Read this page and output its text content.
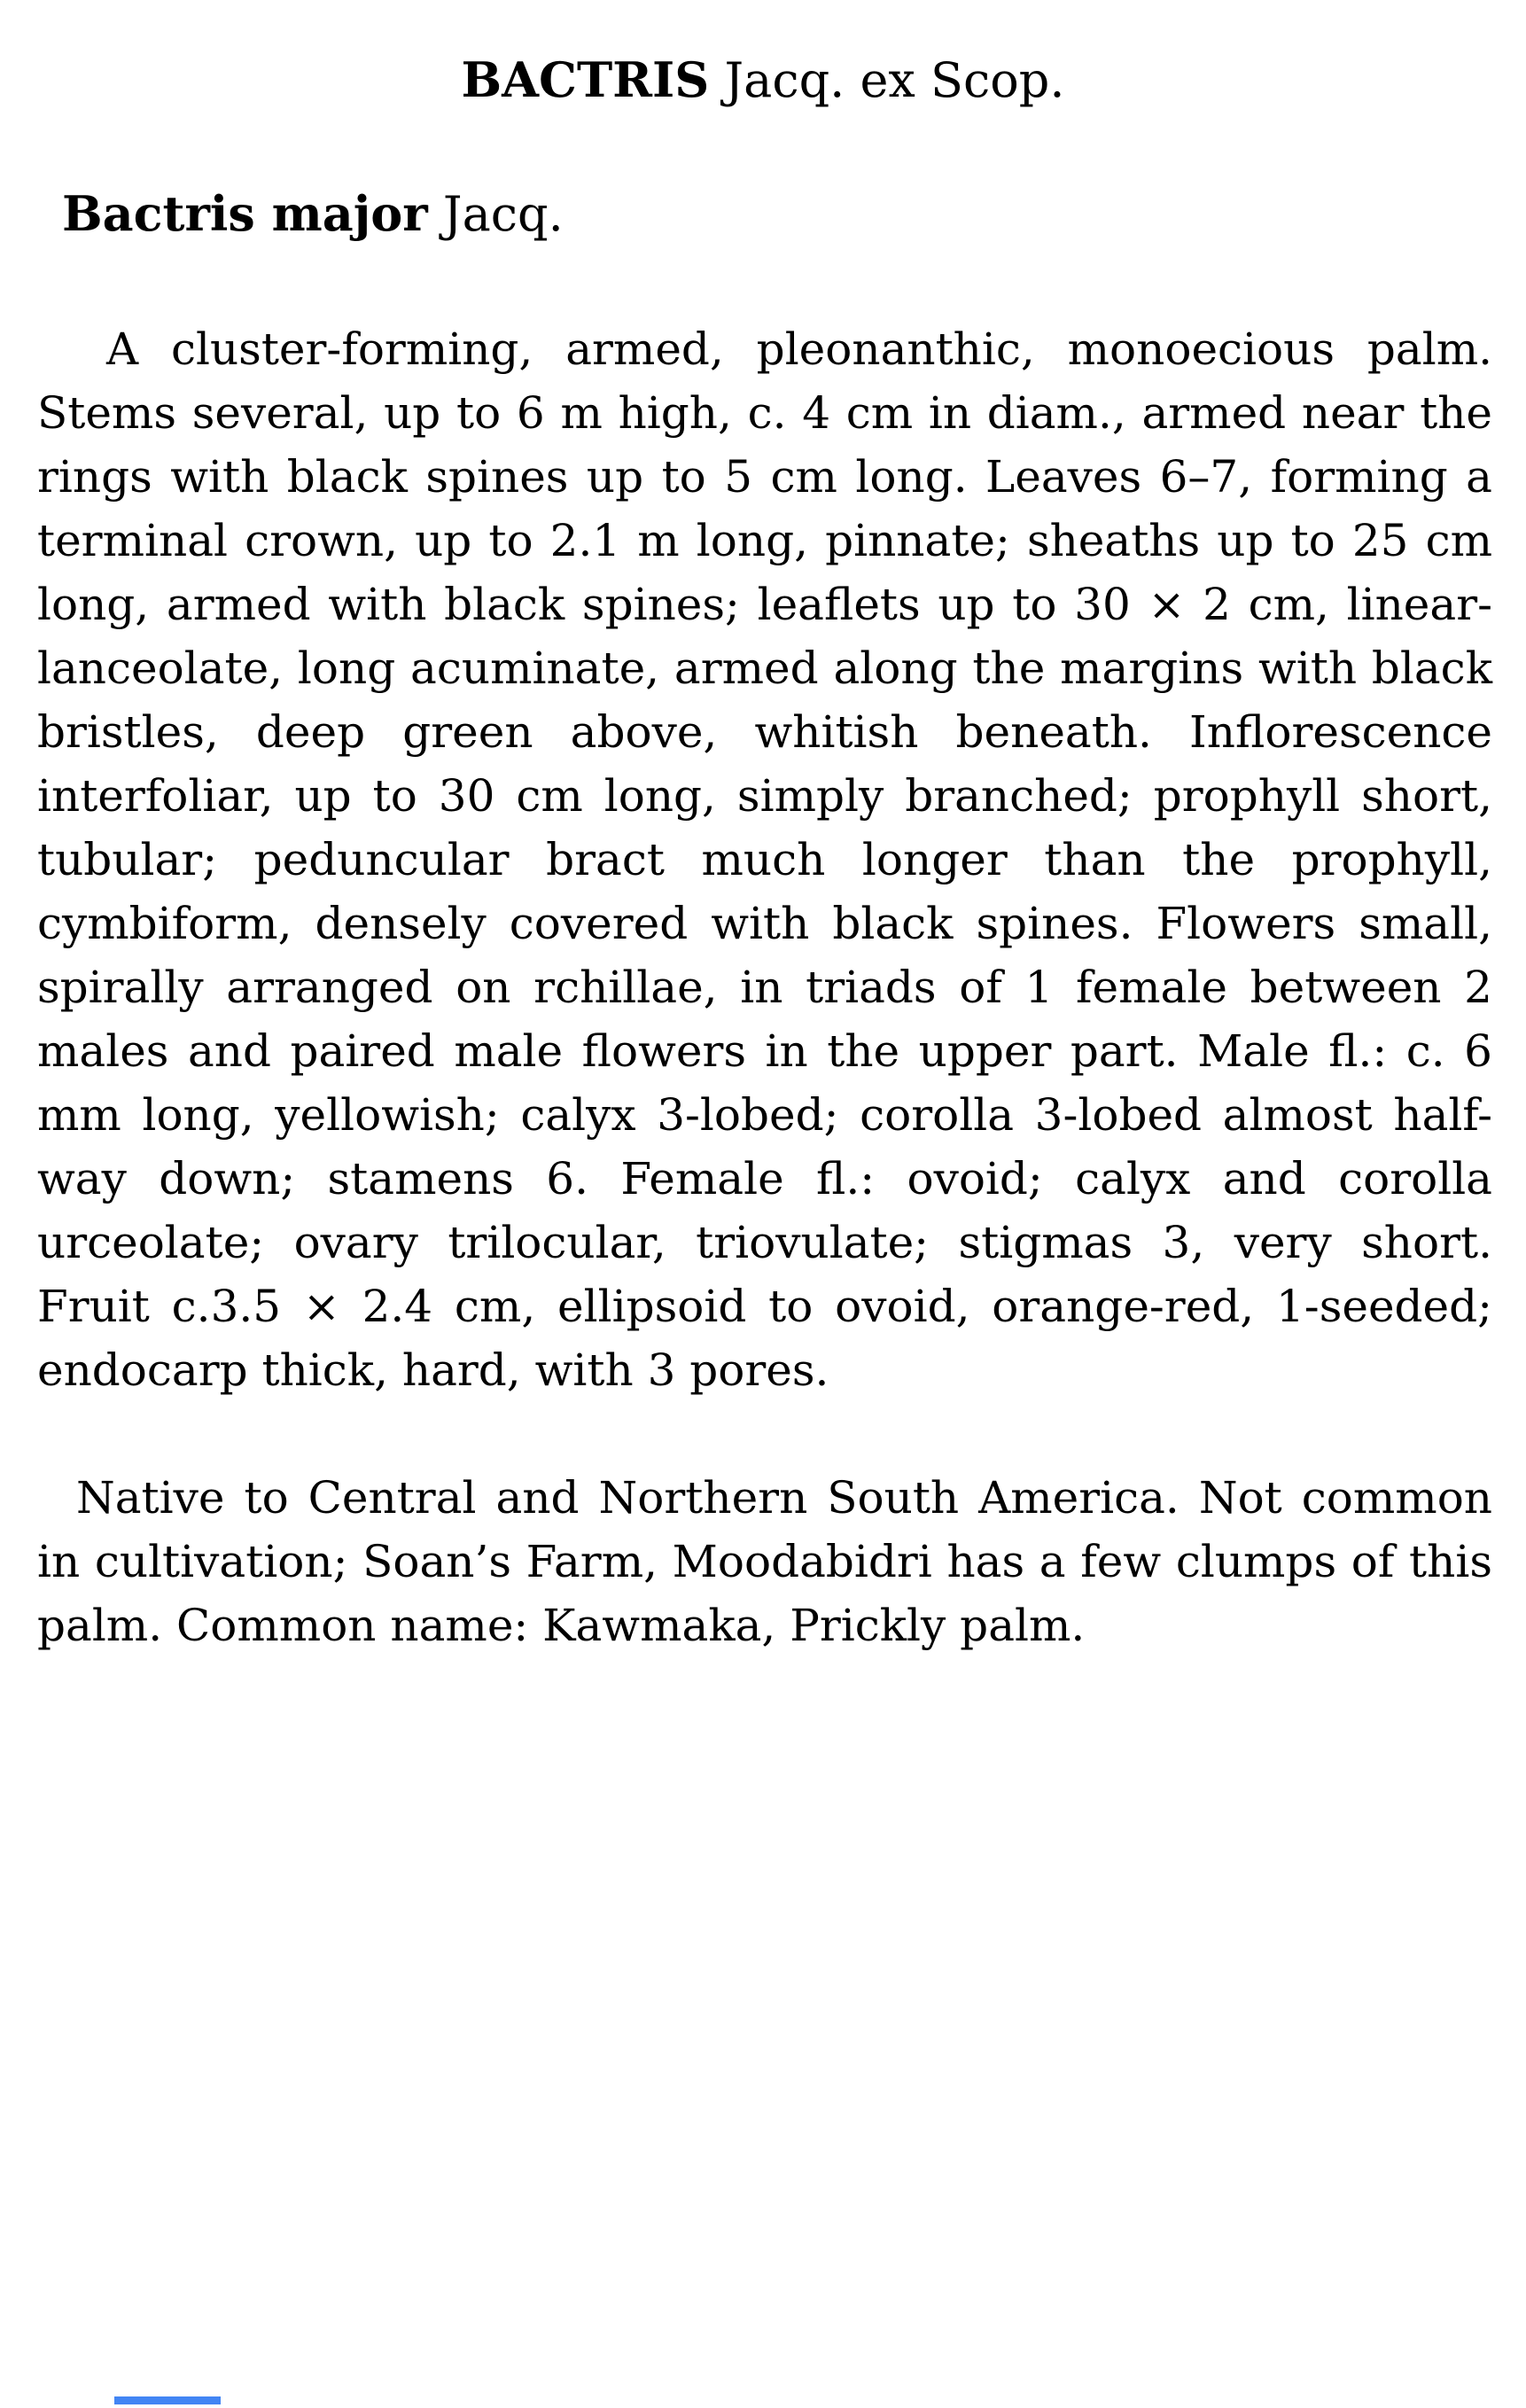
BACTRIS Jacq. ex Scop.
Bactris major Jacq.
A cluster-forming, armed, pleonanthic, monoecious palm.
Stems several, up to 6 m high, c. 4 cm in diam., armed near the
rings with black spines up to 5 cm long. Leaves 6–7, forming a
terminal crown, up to 2.1 m long, pinnate; sheaths up to 25 cm
long, armed with black spines; leaflets up to 30 × 2 cm, linear-
lanceolate, long acuminate, armed along the margins with black
bristles, deep green above, whitish beneath. Inflorescence
interfoliar, up to 30 cm long, simply branched; prophyll short,
tubular; peduncular bract much longer than the prophyll,
cymbiform, densely covered with black spines. Flowers small,
spirally arranged on rchillae, in triads of 1 female between 2
males and paired male flowers in the upper part. Male fl.: c. 6
mm long, yellowish; calyx 3-lobed; corolla 3-lobed almost half-
way down; stamens 6. Female fl.: ovoid; calyx and corolla
urceolate; ovary trilocular, triovulate; stigmas 3, very short.
Fruit c.3.5 × 2.4 cm, ellipsoid to ovoid, orange-red, 1-seeded;
endocarp thick, hard, with 3 pores.
Native to Central and Northern South America. Not common
in cultivation; Soan’s Farm, Moodabidri has a few clumps of this
palm. Common name: Kawmaka, Prickly palm.
